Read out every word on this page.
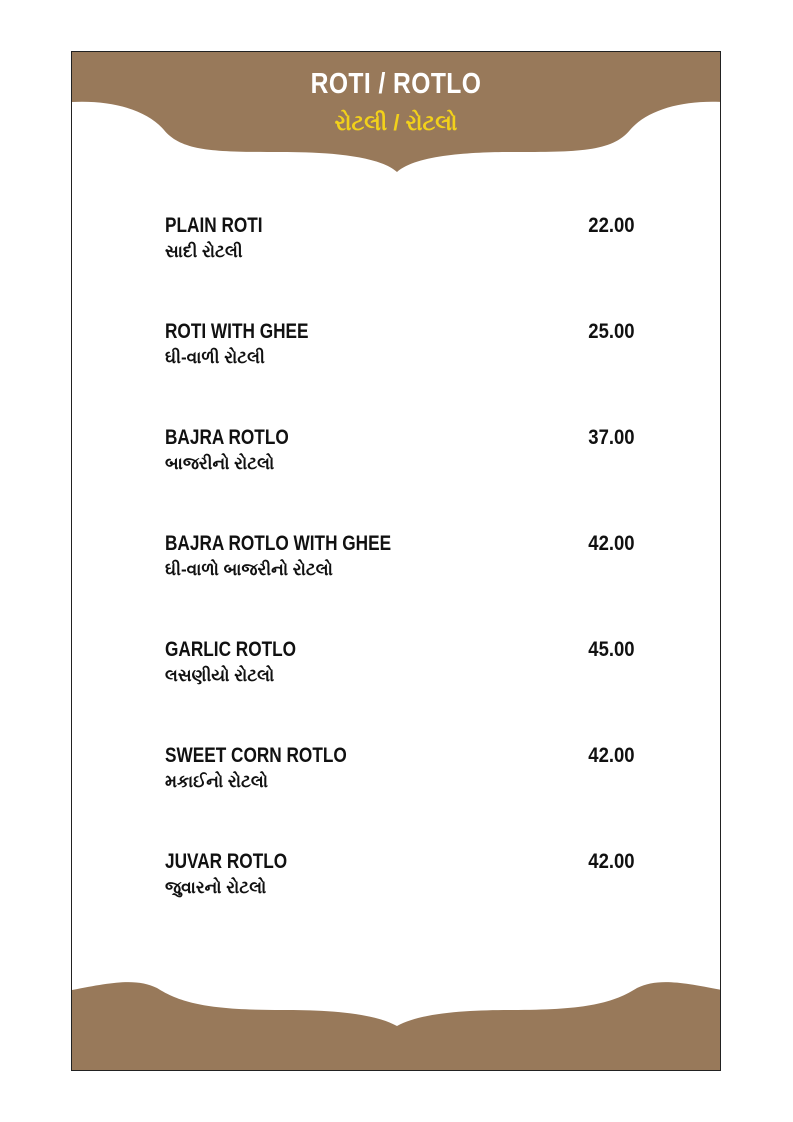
ROTI / ROTLO
રોટલી / રોટલો
PLAIN ROTI	22.00
સાદી રોટલી
ROTI WITH GHEE	25.00
ઘી-વાળી રોટલી
BAJRA ROTLO	37.00
બાજરીનો રોટલો
BAJRA ROTLO WITH GHEE	42.00
ઘી-વાળો બાજરીનો રોટલો
GARLIC ROTLO	45.00
લસણીયો રોટલો
SWEET CORN ROTLO	42.00
મકાઈનો રોટલો
JUVAR ROTLO	42.00
જુવારનો રોટલો
